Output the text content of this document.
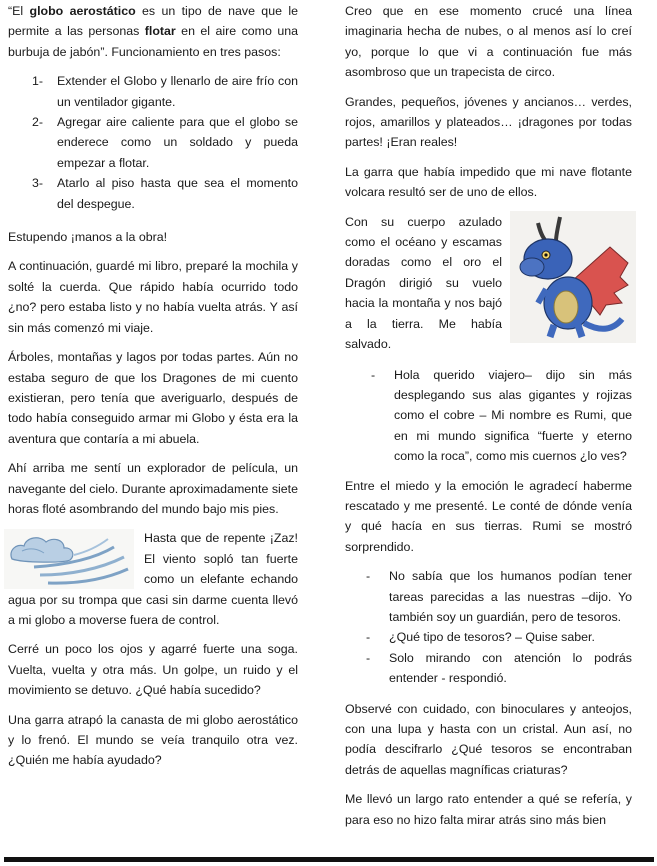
“El globo aerostático es un tipo de nave que le permite a las personas flotar en el aire como una burbuja de jabón”. Funcionamiento en tres pasos:

1- Extender el Globo y llenarlo de aire frío con un ventilador gigante.

2- Agregar aire caliente para que el globo se enderece como un soldado y pueda empezar a flotar.

3- Atarlo al piso hasta que sea el momento del despegue.

Estupendo ¡manos a la obra!

A continuación, guardé mi libro, preparé la mochila y solté la cuerda. Que rápido había ocurrido todo ¿no? pero estaba listo y no había vuelta atrás. Y así sin más comenzó mi viaje.

Árboles, montañas y lagos por todas partes. Aún no estaba seguro de que los Dragones de mi cuento existieran, pero tenía que averiguarlo, después de todo había conseguido armar mi Globo y ésta era la aventura que contaría a mi abuela.

Ahí arriba me sentí un explorador de película, un navegante del cielo. Durante aproximadamente siete horas floté asombrando del mundo bajo mis pies.

Hasta que de repente ¡Zaz! El viento sopló tan fuerte como un elefante echando agua por su trompa que casi sin darme cuenta llevó a mi globo a moverse fuera de control.

Cerré un poco los ojos y agarré fuerte una soga. Vuelta, vuelta y otra más. Un golpe, un ruido y el movimiento se detuvo. ¿Qué había sucedido?

Una garra atrapó la canasta de mi globo aerostático y lo frenó. El mundo se veía tranquilo otra vez. ¿Quién me había ayudado?

Creo que en ese momento crucé una línea imaginaria hecha de nubes, o al menos así lo creí yo, porque lo que vi a continuación fue más asombroso que un trapecista de circo.

Grandes, pequeños, jóvenes y ancianos… verdes, rojos, amarillos y plateados… ¡dragones por todas partes! ¡Eran reales!

La garra que había impedido que mi nave flotante volcara resultó ser de uno de ellos.

Con su cuerpo azulado como el océano y escamas doradas como el oro el Dragón dirigió su vuelo hacia la montaña y nos bajó a la tierra. Me había salvado.

- Hola querido viajero– dijo sin más desplegando sus alas gigantes y rojizas como el cobre – Mi nombre es Rumi, que en mi mundo significa “fuerte y eterno como la roca”, como mis cuernos ¿lo ves?

Entre el miedo y la emoción le agradecí haberme rescatado y me presenté. Le conté de dónde venía y qué hacía en sus tierras. Rumi se mostró sorprendido.

- No sabía que los humanos podían tener tareas parecidas a las nuestras –dijo. Yo también soy un guardián, pero de tesoros.

- ¿Qué tipo de tesoros? – Quise saber.

- Solo mirando con atención lo podrás entender - respondió.

Observé con cuidado, con binoculares y anteojos, con una lupa y hasta con un cristal. Aun así, no podía descifrarlo ¿Qué tesoros se encontraban detrás de aquellas magníficas criaturas?

Me llevó un largo rato entender a qué se refería, y para eso no hizo falta mirar atrás sino más bien
